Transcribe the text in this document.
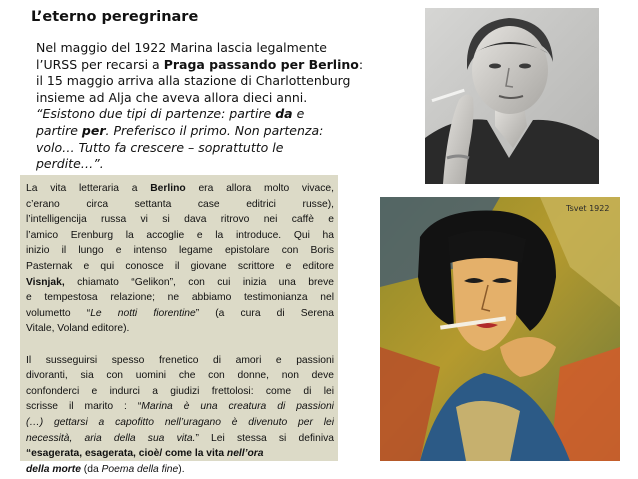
L’eterno peregrinare
Nel maggio del 1922 Marina lascia legalmente
l’URSS per recarsi a Praga passando per Berlino:
il 15 maggio arriva alla stazione di Charlottenburg
insieme ad Alja che aveva allora dieci anni.
“Esistono due tipi di partenze: partire da e
partire per. Preferisco il primo. Non partenza:
volo… Tutto fa crescere – soprattutto le
perdite…”.
La vita letteraria a Berlino era allora molto vivace,
c’erano circa settanta case editrici russe),
l’intelligencija russa vi si dava ritrovo nei caffè e
l’amico Erenburg la accoglie e la introduce. Qui ha
inizio il lungo e intenso legame epistolare con Boris
Pasternak e qui conosce il giovane scrittore e editore
Visnjak, chiamato “Gelikon”, con cui inizia una breve
e tempestosa relazione; ne abbiamo testimonianza nel
volumetto “Le notti fiorentine” (a cura di Serena
Vitale, Voland editore).
Il susseguirsi spesso frenetico di amori e passioni
divoranti, sia con uomini che con donne, non deve
confonderci e indurci a giudizi frettolosi: come di lei
scrisse il marito : “Marina è una creatura di passioni
(…) gettarsi a capofitto nell’uragano è divenuto per lei
necessità, aria della sua vita.” Lei stessa si definiva
“esagerata, esagerata, cioè/ come la vita nell’ora
della morte (da Poema della fine).
Tsvet 1922
